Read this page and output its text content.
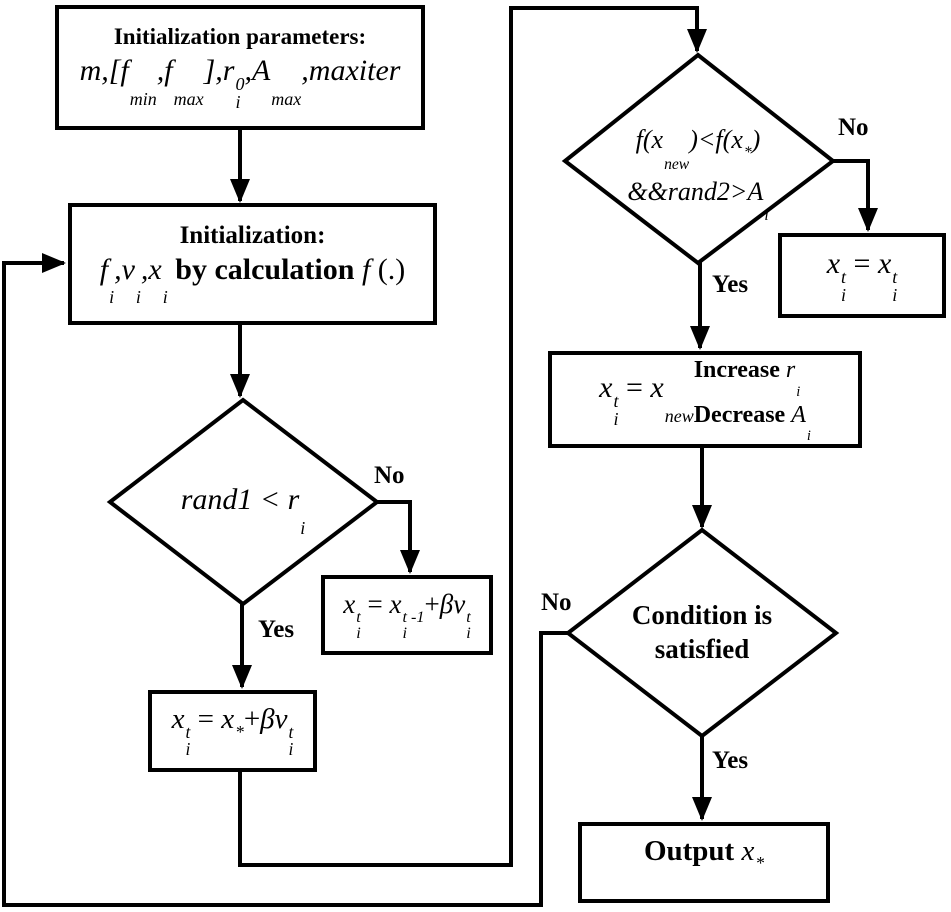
Initialization parameters:
m,[f
min
,f
max
],r 0
i
,A
max
,maxiter
Initialization:
f
i
,v
i
,x
i
by calculation f (.)
x t
i
= x t -1
i
+βv t
i
x t
i
= x * +βv t
i
x t
i
= x t
i
x t
i
= x
new
Increase r
i
Decrease A
i
Output x *
rand1 < r
i
f(x
new
)<f(x * )
&&rand2>A
i
Condition is
satisfied
No
Yes
No
Yes
No
Yes
